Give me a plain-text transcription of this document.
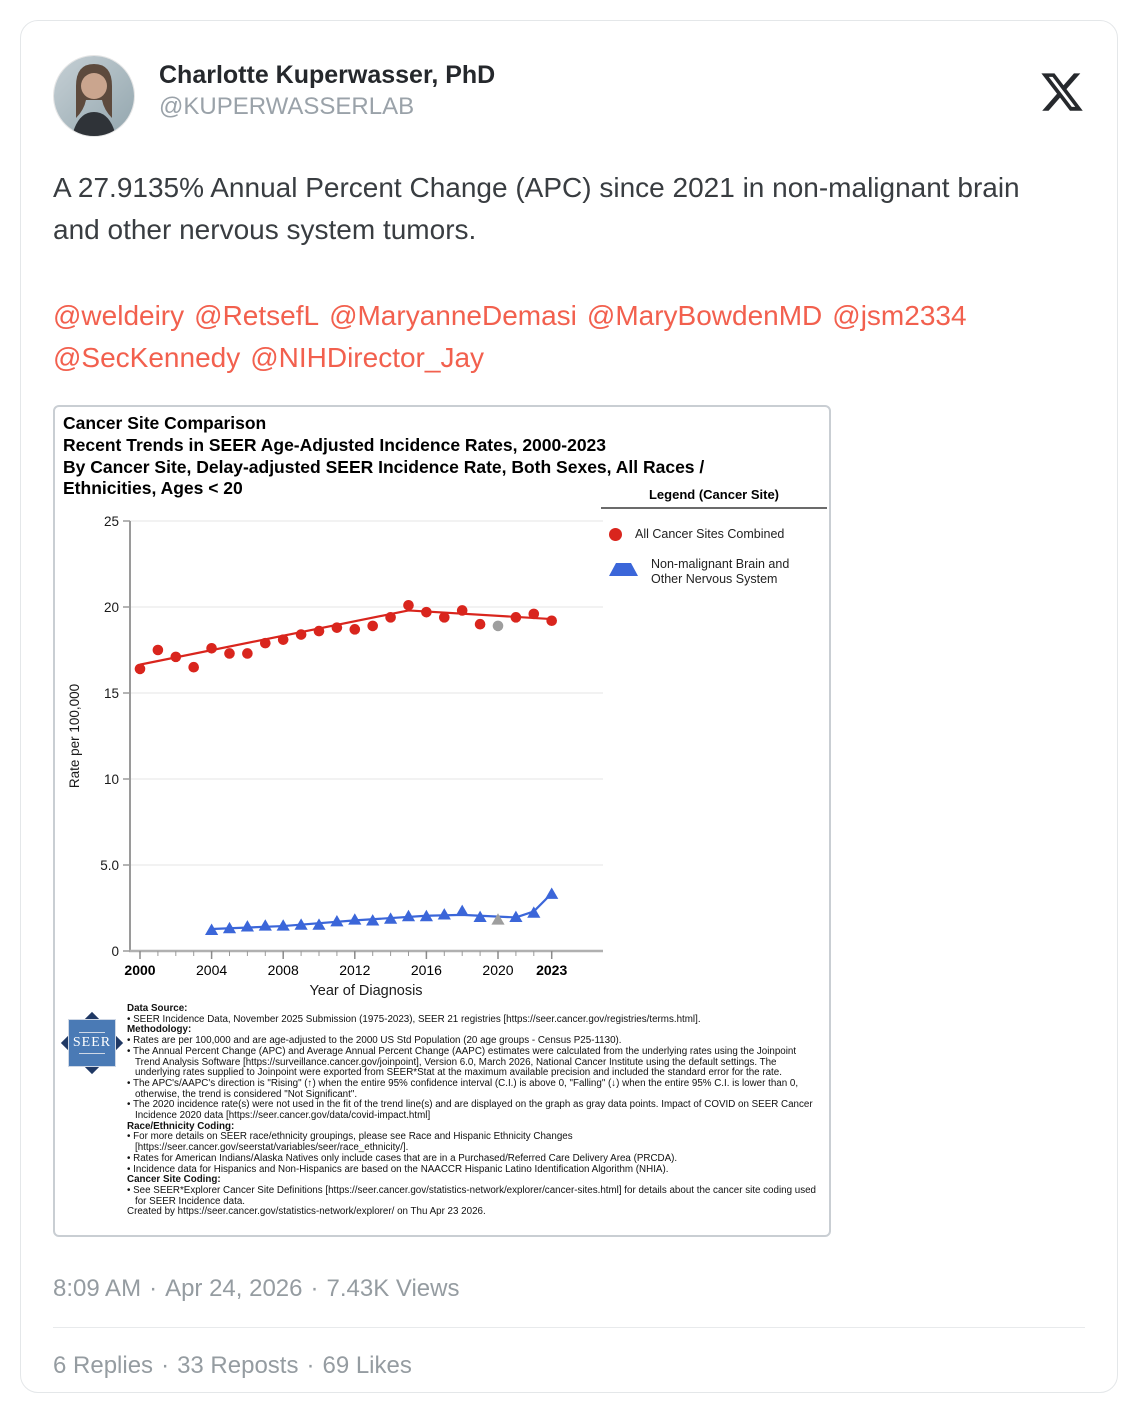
Charlotte Kuperwasser, PhD
@KUPERWASSERLAB
A 27.9135% Annual Percent Change (APC) since 2021 in non-malignant brain and other nervous system tumors.
@weldeiry @RetsefL @MaryanneDemasi @MaryBowdenMD @jsm2334@SecKennedy @NIHDirector_Jay
Cancer Site Comparison
Recent Trends in SEER Age-Adjusted Incidence Rates, 2000-2023
By Cancer Site, Delay-adjusted SEER Incidence Rate, Both Sexes, All Races /
Ethnicities, Ages < 20	Legend (Cancer Site)
All Cancer Sites Combined
Non-malignant Brain and Other Nervous System
0
5.0
10
15
20
25
2000	2004	2008	2012	2016	2020 2023
Rate per 100,000
Year of Diagnosis
SEER
Data Source:
• SEER Incidence Data, November 2025 Submission (1975-2023), SEER 21 registries [https://seer.cancer.gov/registries/terms.html].
Methodology:
• Rates are per 100,000 and are age-adjusted to the 2000 US Std Population (20 age groups - Census P25-1130).
• The Annual Percent Change (APC) and Average Annual Percent Change (AAPC) estimates were calculated from the underlying rates using the Joinpoint Trend Analysis Software [https://surveillance.cancer.gov/joinpoint], Version 6.0, March 2026, National Cancer Institute using the default settings. The underlying rates supplied to Joinpoint were exported from SEER*Stat at the maximum available precision and included the standard error for the rate.
• The APC's/AAPC's direction is "Rising" (↑) when the entire 95% confidence interval (C.I.) is above 0, "Falling" (↓) when the entire 95% C.I. is lower than 0, otherwise, the trend is considered "Not Significant".
• The 2020 incidence rate(s) were not used in the fit of the trend line(s) and are displayed on the graph as gray data points. Impact of COVID on SEER Cancer Incidence 2020 data [https://seer.cancer.gov/data/covid-impact.html]
Race/Ethnicity Coding:
• For more details on SEER race/ethnicity groupings, please see Race and Hispanic Ethnicity Changes [https://seer.cancer.gov/seerstat/variables/seer/race_ethnicity/].
• Rates for American Indians/Alaska Natives only include cases that are in a Purchased/Referred Care Delivery Area (PRCDA).
• Incidence data for Hispanics and Non-Hispanics are based on the NAACCR Hispanic Latino Identification Algorithm (NHIA).
Cancer Site Coding:
• See SEER*Explorer Cancer Site Definitions [https://seer.cancer.gov/statistics-network/explorer/cancer-sites.html] for details about the cancer site coding used for SEER Incidence data.
Created by https://seer.cancer.gov/statistics-network/explorer/ on Thu Apr 23 2026.
8:09 AM · Apr 24, 2026 · 7.43K Views
6 Replies · 33 Reposts · 69 Likes
